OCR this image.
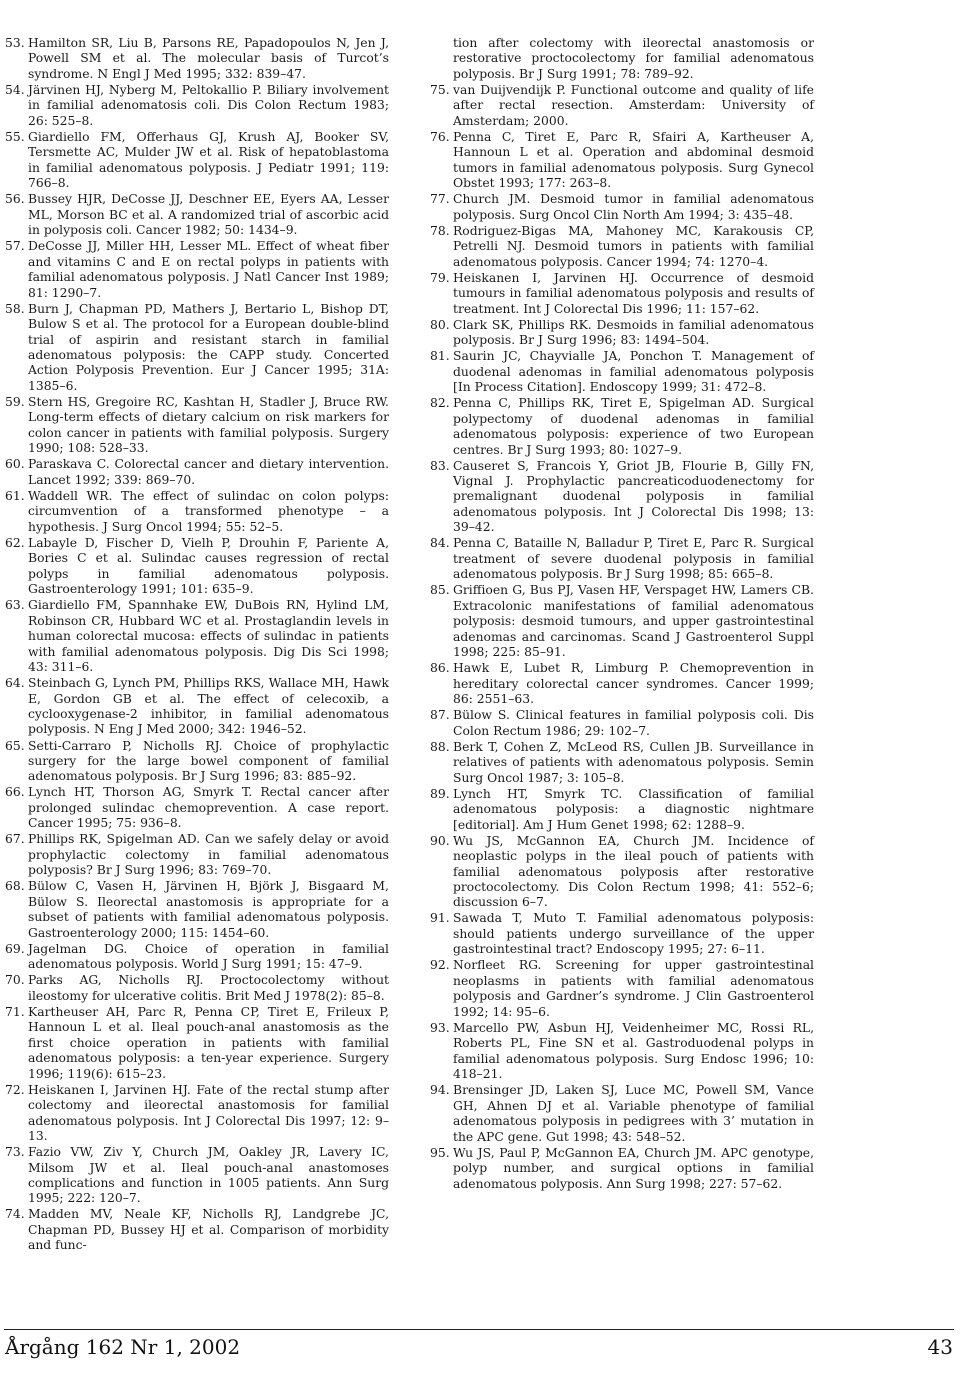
53. Hamilton SR, Liu B, Parsons RE, Papadopoulos N, Jen J, Powell SM et al. The molecular basis of Turcot’s syndrome. N Engl J Med 1995; 332: 839–47.
54. Järvinen HJ, Nyberg M, Peltokallio P. Biliary involvement in familial adenomatosis coli. Dis Colon Rectum 1983; 26: 525–8.
55. Giardiello FM, Offerhaus GJ, Krush AJ, Booker SV, Tersmette AC, Mulder JW et al. Risk of hepatoblastoma in familial adenomatous polyposis. J Pediatr 1991; 119: 766–8.
56. Bussey HJR, DeCosse JJ, Deschner EE, Eyers AA, Lesser ML, Morson BC et al. A randomized trial of ascorbic acid in polyposis coli. Cancer 1982; 50: 1434–9.
57. DeCosse JJ, Miller HH, Lesser ML. Effect of wheat fiber and vitamins C and E on rectal polyps in patients with familial adenomatous polyposis. J Natl Cancer Inst 1989; 81: 1290–7.
58. Burn J, Chapman PD, Mathers J, Bertario L, Bishop DT, Bulow S et al. The protocol for a European double-blind trial of aspirin and resistant starch in familial adenomatous polyposis: the CAPP study. Concerted Action Polyposis Prevention. Eur J Cancer 1995; 31A: 1385–6.
59. Stern HS, Gregoire RC, Kashtan H, Stadler J, Bruce RW. Long-term effects of dietary calcium on risk markers for colon cancer in patients with familial polyposis. Surgery 1990; 108: 528–33.
60. Paraskava C. Colorectal cancer and dietary intervention. Lancet 1992; 339: 869–70.
61. Waddell WR. The effect of sulindac on colon polyps: circumvention of a transformed phenotype – a hypothesis. J Surg Oncol 1994; 55: 52–5.
62. Labayle D, Fischer D, Vielh P, Drouhin F, Pariente A, Bories C et al. Sulindac causes regression of rectal polyps in familial adenomatous polyposis. Gastroenterology 1991; 101: 635–9.
63. Giardiello FM, Spannhake EW, DuBois RN, Hylind LM, Robinson CR, Hubbard WC et al. Prostaglandin levels in human colorectal mucosa: effects of sulindac in patients with familial adenomatous polyposis. Dig Dis Sci 1998; 43: 311–6.
64. Steinbach G, Lynch PM, Phillips RKS, Wallace MH, Hawk E, Gordon GB et al. The effect of celecoxib, a cyclooxygenase-2 inhibitor, in familial adenomatous polyposis. N Eng J Med 2000; 342: 1946–52.
65. Setti-Carraro P, Nicholls RJ. Choice of prophylactic surgery for the large bowel component of familial adenomatous polyposis. Br J Surg 1996; 83: 885–92.
66. Lynch HT, Thorson AG, Smyrk T. Rectal cancer after prolonged sulindac chemoprevention. A case report. Cancer 1995; 75: 936–8.
67. Phillips RK, Spigelman AD. Can we safely delay or avoid prophylactic colectomy in familial adenomatous polyposis? Br J Surg 1996; 83: 769–70.
68. Bülow C, Vasen H, Järvinen H, Björk J, Bisgaard M, Bülow S. Ileorectal anastomosis is appropriate for a subset of patients with familial adenomatous polyposis. Gastroenterology 2000; 115: 1454–60.
69. Jagelman DG. Choice of operation in familial adenomatous polyposis. World J Surg 1991; 15: 47–9.
70. Parks AG, Nicholls RJ. Proctocolectomy without ileostomy for ulcerative colitis. Brit Med J 1978(2): 85–8.
71. Kartheuser AH, Parc R, Penna CP, Tiret E, Frileux P, Hannoun L et al. Ileal pouch-anal anastomosis as the first choice operation in patients with familial adenomatous polyposis: a ten-year experience. Surgery 1996; 119(6): 615–23.
72. Heiskanen I, Jarvinen HJ. Fate of the rectal stump after colectomy and ileorectal anastomosis for familial adenomatous polyposis. Int J Colorectal Dis 1997; 12: 9–13.
73. Fazio VW, Ziv Y, Church JM, Oakley JR, Lavery IC, Milsom JW et al. Ileal pouch-anal anastomoses complications and function in 1005 patients. Ann Surg 1995; 222: 120–7.
74. Madden MV, Neale KF, Nicholls RJ, Landgrebe JC, Chapman PD, Bussey HJ et al. Comparison of morbidity and func-
tion after colectomy with ileorectal anastomosis or restorative proctocolectomy for familial adenomatous polyposis. Br J Surg 1991; 78: 789–92.
75. van Duijvendijk P. Functional outcome and quality of life after rectal resection. Amsterdam: University of Amsterdam; 2000.
76. Penna C, Tiret E, Parc R, Sfairi A, Kartheuser A, Hannoun L et al. Operation and abdominal desmoid tumors in familial adenomatous polyposis. Surg Gynecol Obstet 1993; 177: 263–8.
77. Church JM. Desmoid tumor in familial adenomatous polyposis. Surg Oncol Clin North Am 1994; 3: 435–48.
78. Rodriguez-Bigas MA, Mahoney MC, Karakousis CP, Petrelli NJ. Desmoid tumors in patients with familial adenomatous polyposis. Cancer 1994; 74: 1270–4.
79. Heiskanen I, Jarvinen HJ. Occurrence of desmoid tumours in familial adenomatous polyposis and results of treatment. Int J Colorectal Dis 1996; 11: 157–62.
80. Clark SK, Phillips RK. Desmoids in familial adenomatous polyposis. Br J Surg 1996; 83: 1494–504.
81. Saurin JC, Chayvialle JA, Ponchon T. Management of duodenal adenomas in familial adenomatous polyposis [In Process Citation]. Endoscopy 1999; 31: 472–8.
82. Penna C, Phillips RK, Tiret E, Spigelman AD. Surgical polypectomy of duodenal adenomas in familial adenomatous polyposis: experience of two European centres. Br J Surg 1993; 80: 1027–9.
83. Causeret S, Francois Y, Griot JB, Flourie B, Gilly FN, Vignal J. Prophylactic pancreaticoduodenectomy for premalignant duodenal polyposis in familial adenomatous polyposis. Int J Colorectal Dis 1998; 13: 39–42.
84. Penna C, Bataille N, Balladur P, Tiret E, Parc R. Surgical treatment of severe duodenal polyposis in familial adenomatous polyposis. Br J Surg 1998; 85: 665–8.
85. Griffioen G, Bus PJ, Vasen HF, Verspaget HW, Lamers CB. Extracolonic manifestations of familial adenomatous polyposis: desmoid tumours, and upper gastrointestinal adenomas and carcinomas. Scand J Gastroenterol Suppl 1998; 225: 85–91.
86. Hawk E, Lubet R, Limburg P. Chemoprevention in hereditary colorectal cancer syndromes. Cancer 1999; 86: 2551–63.
87. Bülow S. Clinical features in familial polyposis coli. Dis Colon Rectum 1986; 29: 102–7.
88. Berk T, Cohen Z, McLeod RS, Cullen JB. Surveillance in relatives of patients with adenomatous polyposis. Semin Surg Oncol 1987; 3: 105–8.
89. Lynch HT, Smyrk TC. Classification of familial adenomatous polyposis: a diagnostic nightmare [editorial]. Am J Hum Genet 1998; 62: 1288–9.
90. Wu JS, McGannon EA, Church JM. Incidence of neoplastic polyps in the ileal pouch of patients with familial adenomatous polyposis after restorative proctocolectomy. Dis Colon Rectum 1998; 41: 552–6; discussion 6–7.
91. Sawada T, Muto T. Familial adenomatous polyposis: should patients undergo surveillance of the upper gastrointestinal tract? Endoscopy 1995; 27: 6–11.
92. Norfleet RG. Screening for upper gastrointestinal neoplasms in patients with familial adenomatous polyposis and Gardner’s syndrome. J Clin Gastroenterol 1992; 14: 95–6.
93. Marcello PW, Asbun HJ, Veidenheimer MC, Rossi RL, Roberts PL, Fine SN et al. Gastroduodenal polyps in familial adenomatous polyposis. Surg Endosc 1996; 10: 418–21.
94. Brensinger JD, Laken SJ, Luce MC, Powell SM, Vance GH, Ahnen DJ et al. Variable phenotype of familial adenomatous polyposis in pedigrees with 3’ mutation in the APC gene. Gut 1998; 43: 548–52.
95. Wu JS, Paul P, McGannon EA, Church JM. APC genotype, polyp number, and surgical options in familial adenomatous polyposis. Ann Surg 1998; 227: 57–62.
Årgång 162 Nr 1, 2002	43
